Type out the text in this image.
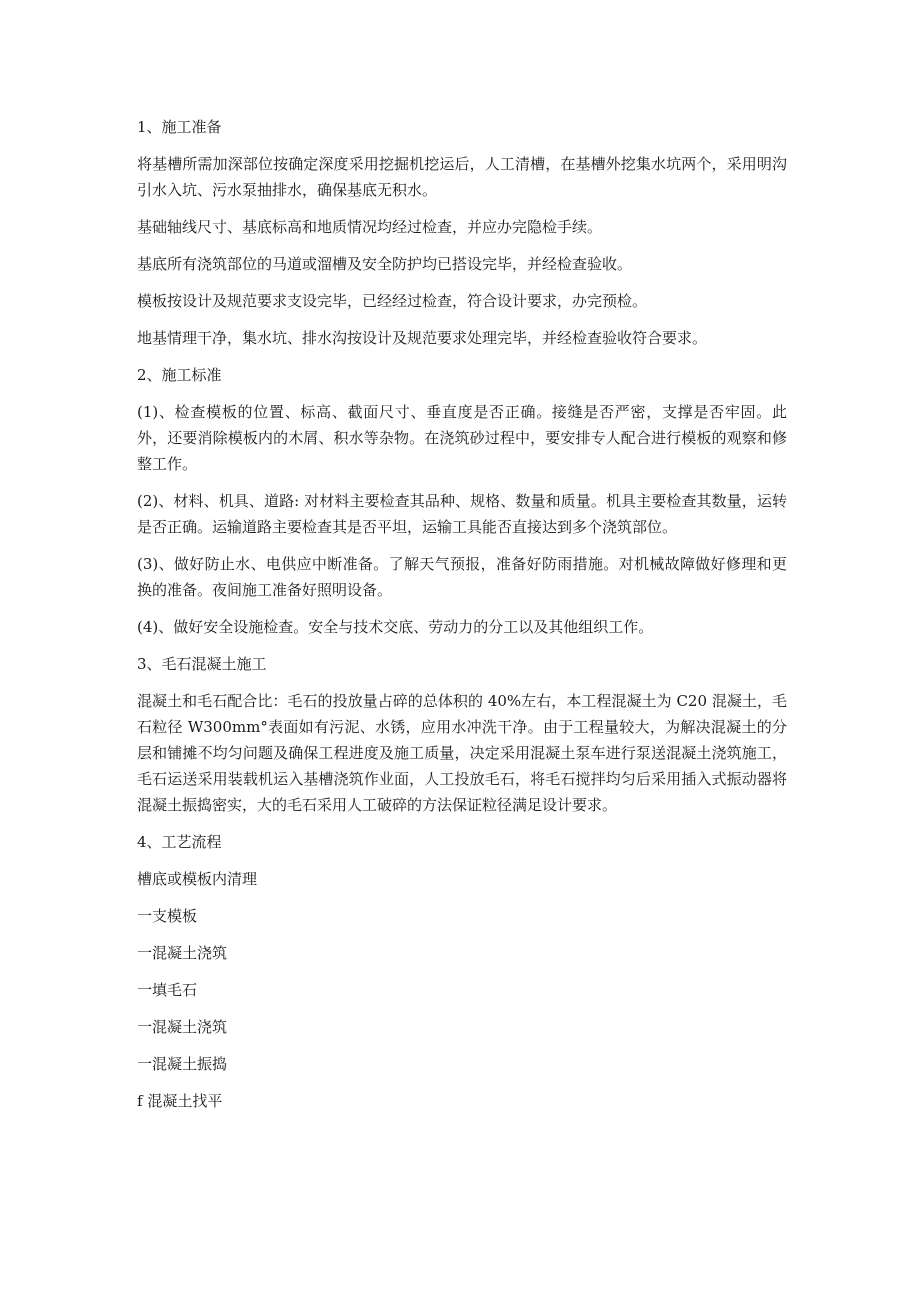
1、施工准备
将基槽所需加深部位按确定深度采用挖掘机挖运后，人工清槽，在基槽外挖集水坑两个，采用明沟引水入坑、污水泵抽排水，确保基底无积水。
基础轴线尺寸、基底标高和地质情况均经过检查，并应办完隐检手续。
基底所有浇筑部位的马道或溜槽及安全防护均已搭设完毕，并经检查验收。
模板按设计及规范要求支设完毕，已经经过检查，符合设计要求，办完预检。
地基情理干净，集水坑、排水沟按设计及规范要求处理完毕，并经检查验收符合要求。
2、施工标准
(1)、检查模板的位置、标高、截面尺寸、垂直度是否正确。接缝是否严密，支撑是否牢固。此外，还要消除模板内的木屑、积水等杂物。在浇筑砂过程中，要安排专人配合进行模板的观察和修整工作。
(2)、材料、机具、道路: 对材料主要检查其品种、规格、数量和质量。机具主要检查其数量，运转是否正确。运输道路主要检查其是否平坦，运输工具能否直接达到多个浇筑部位。
(3)、做好防止水、电供应中断准备。了解天气预报，准备好防雨措施。对机械故障做好修理和更换的准备。夜间施工准备好照明设备。
(4)、做好安全设施检查。安全与技术交底、劳动力的分工以及其他组织工作。
3、毛石混凝土施工
混凝土和毛石配合比：毛石的投放量占碎的总体积的 40%左右，本工程混凝土为 C20 混凝土，毛石粒径 W300mm°表面如有污泥、水锈，应用水冲洗干净。由于工程量较大，为解决混凝土的分层和铺摊不均匀问题及确保工程进度及施工质量，决定采用混凝土泵车进行泵送混凝土浇筑施工，毛石运送采用装载机运入基槽浇筑作业面，人工投放毛石，将毛石搅拌均匀后采用插入式振动器将混凝土振捣密实，大的毛石采用人工破碎的方法保证粒径满足设计要求。
4、工艺流程
槽底或模板内清理
一支模板
一混凝土浇筑
一填毛石
一混凝土浇筑
一混凝土振捣
f 混凝土找平
